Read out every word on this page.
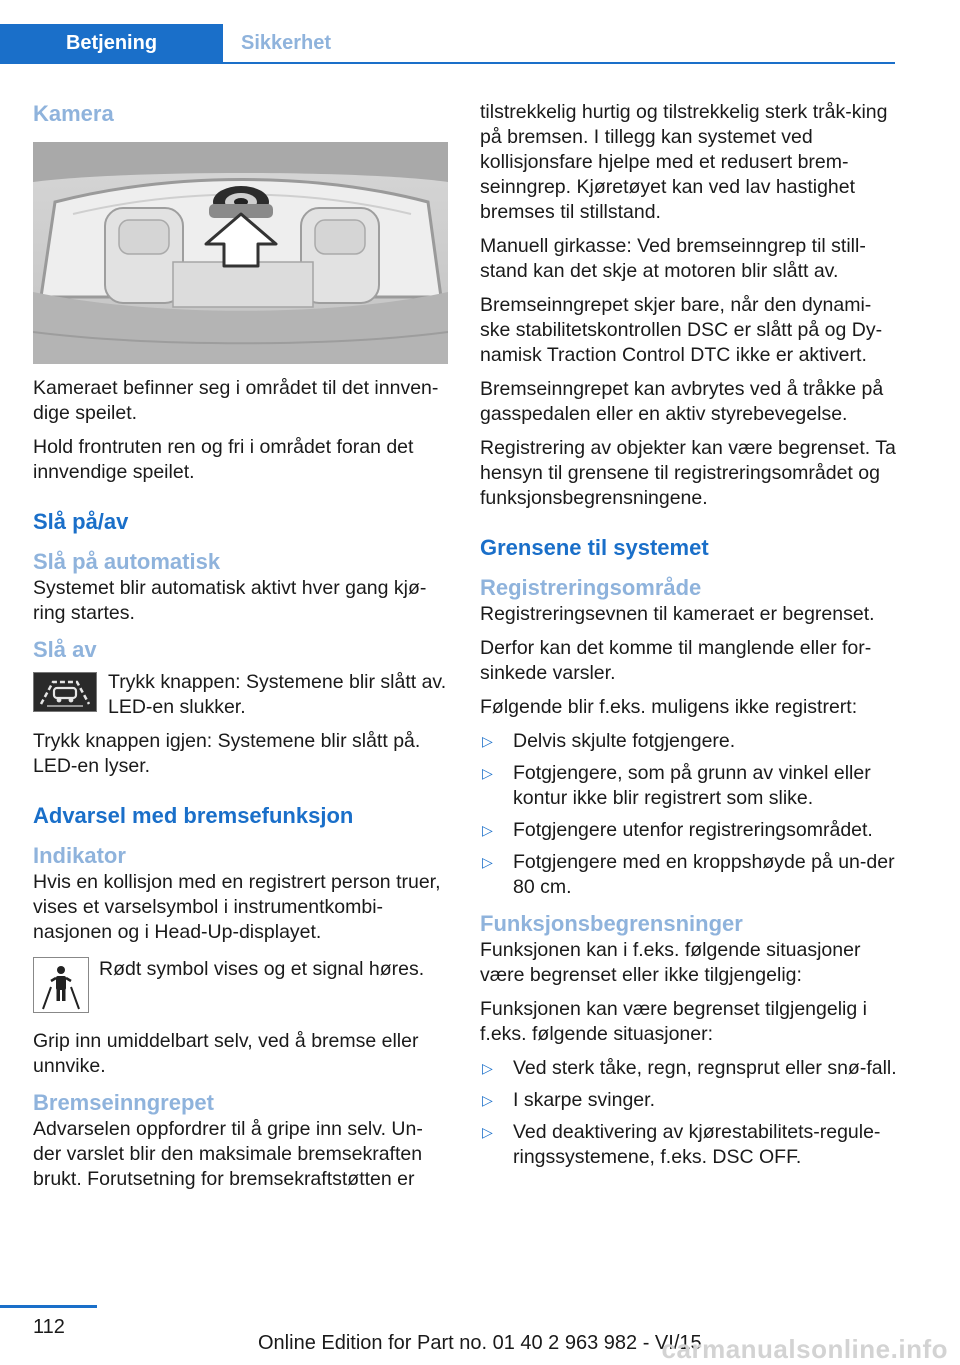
Betjening	Sikkerhet
Kamera

Kameraet befinner seg i området til det innven‐dige speilet.

Hold frontruten ren og fri i området foran det innvendige speilet.

Slå på/av
Slå på automatisk

Systemet blir automatisk aktivt hver gang kjø‐ring startes.

Slå av
Trykk knappen: Systemene blir slått av. LED-en slukker.

Trykk knappen igjen: Systemene blir slått på. LED-en lyser.

Advarsel med bremsefunksjon
Indikator

Hvis en kollisjon med en registrert person truer, vises et varselsymbol i instrumentkombi‐nasjonen og i Head-Up-displayet.

Rødt symbol vises og et signal høres.

Grip inn umiddelbart selv, ved å bremse eller unnvike.

Bremseinngrepet

Advarselen oppfordrer til å gripe inn selv. Un‐der varslet blir den maksimale bremsekraften brukt. Forutsetning for bremsekraftstøtten er

tilstrekkelig hurtig og tilstrekkelig sterk tråk‐king på bremsen. I tillegg kan systemet ved kollisjonsfare hjelpe med et redusert brem‐seinngrep. Kjøretøyet kan ved lav hastighet bremses til stillstand.

Manuell girkasse: Ved bremseinngrep til still‐stand kan det skje at motoren blir slått av.

Bremseinngrepet skjer bare, når den dynami‐ske stabilitetskontrollen DSC er slått på og Dy‐namisk Traction Control DTC ikke er aktivert.

Bremseinngrepet kan avbrytes ved å tråkke på gasspedalen eller en aktiv styrebevegelse.

Registrering av objekter kan være begrenset. Ta hensyn til grensene til registreringsområdet og funksjonsbegrensningene.

Grensene til systemet
Registreringsområde

Registreringsevnen til kameraet er begrenset.

Derfor kan det komme til manglende eller for‐sinkede varsler.

Følgende blir f.eks. muligens ikke registrert:

▷ Delvis skjulte fotgjengere.
▷ Fotgjengere, som på grunn av vinkel eller kontur ikke blir registrert som slike.
▷ Fotgjengere utenfor registreringsområdet.
▷ Fotgjengere med en kroppshøyde på un‐der 80 cm.
Funksjonsbegrensninger

Funksjonen kan i f.eks. følgende situasjoner være begrenset eller ikke tilgjengelig:

Funksjonen kan være begrenset tilgjengelig i f.eks. følgende situasjoner:

▷ Ved sterk tåke, regn, regnsprut eller snø‐fall.
▷ I skarpe svinger.
▷ Ved deaktivering av kjørestabilitets-regule‐ringssystemene, f.eks. DSC OFF.
112
Online Edition for Part no. 01 40 2 963 982 - VI/15
carmanualsonline.info
